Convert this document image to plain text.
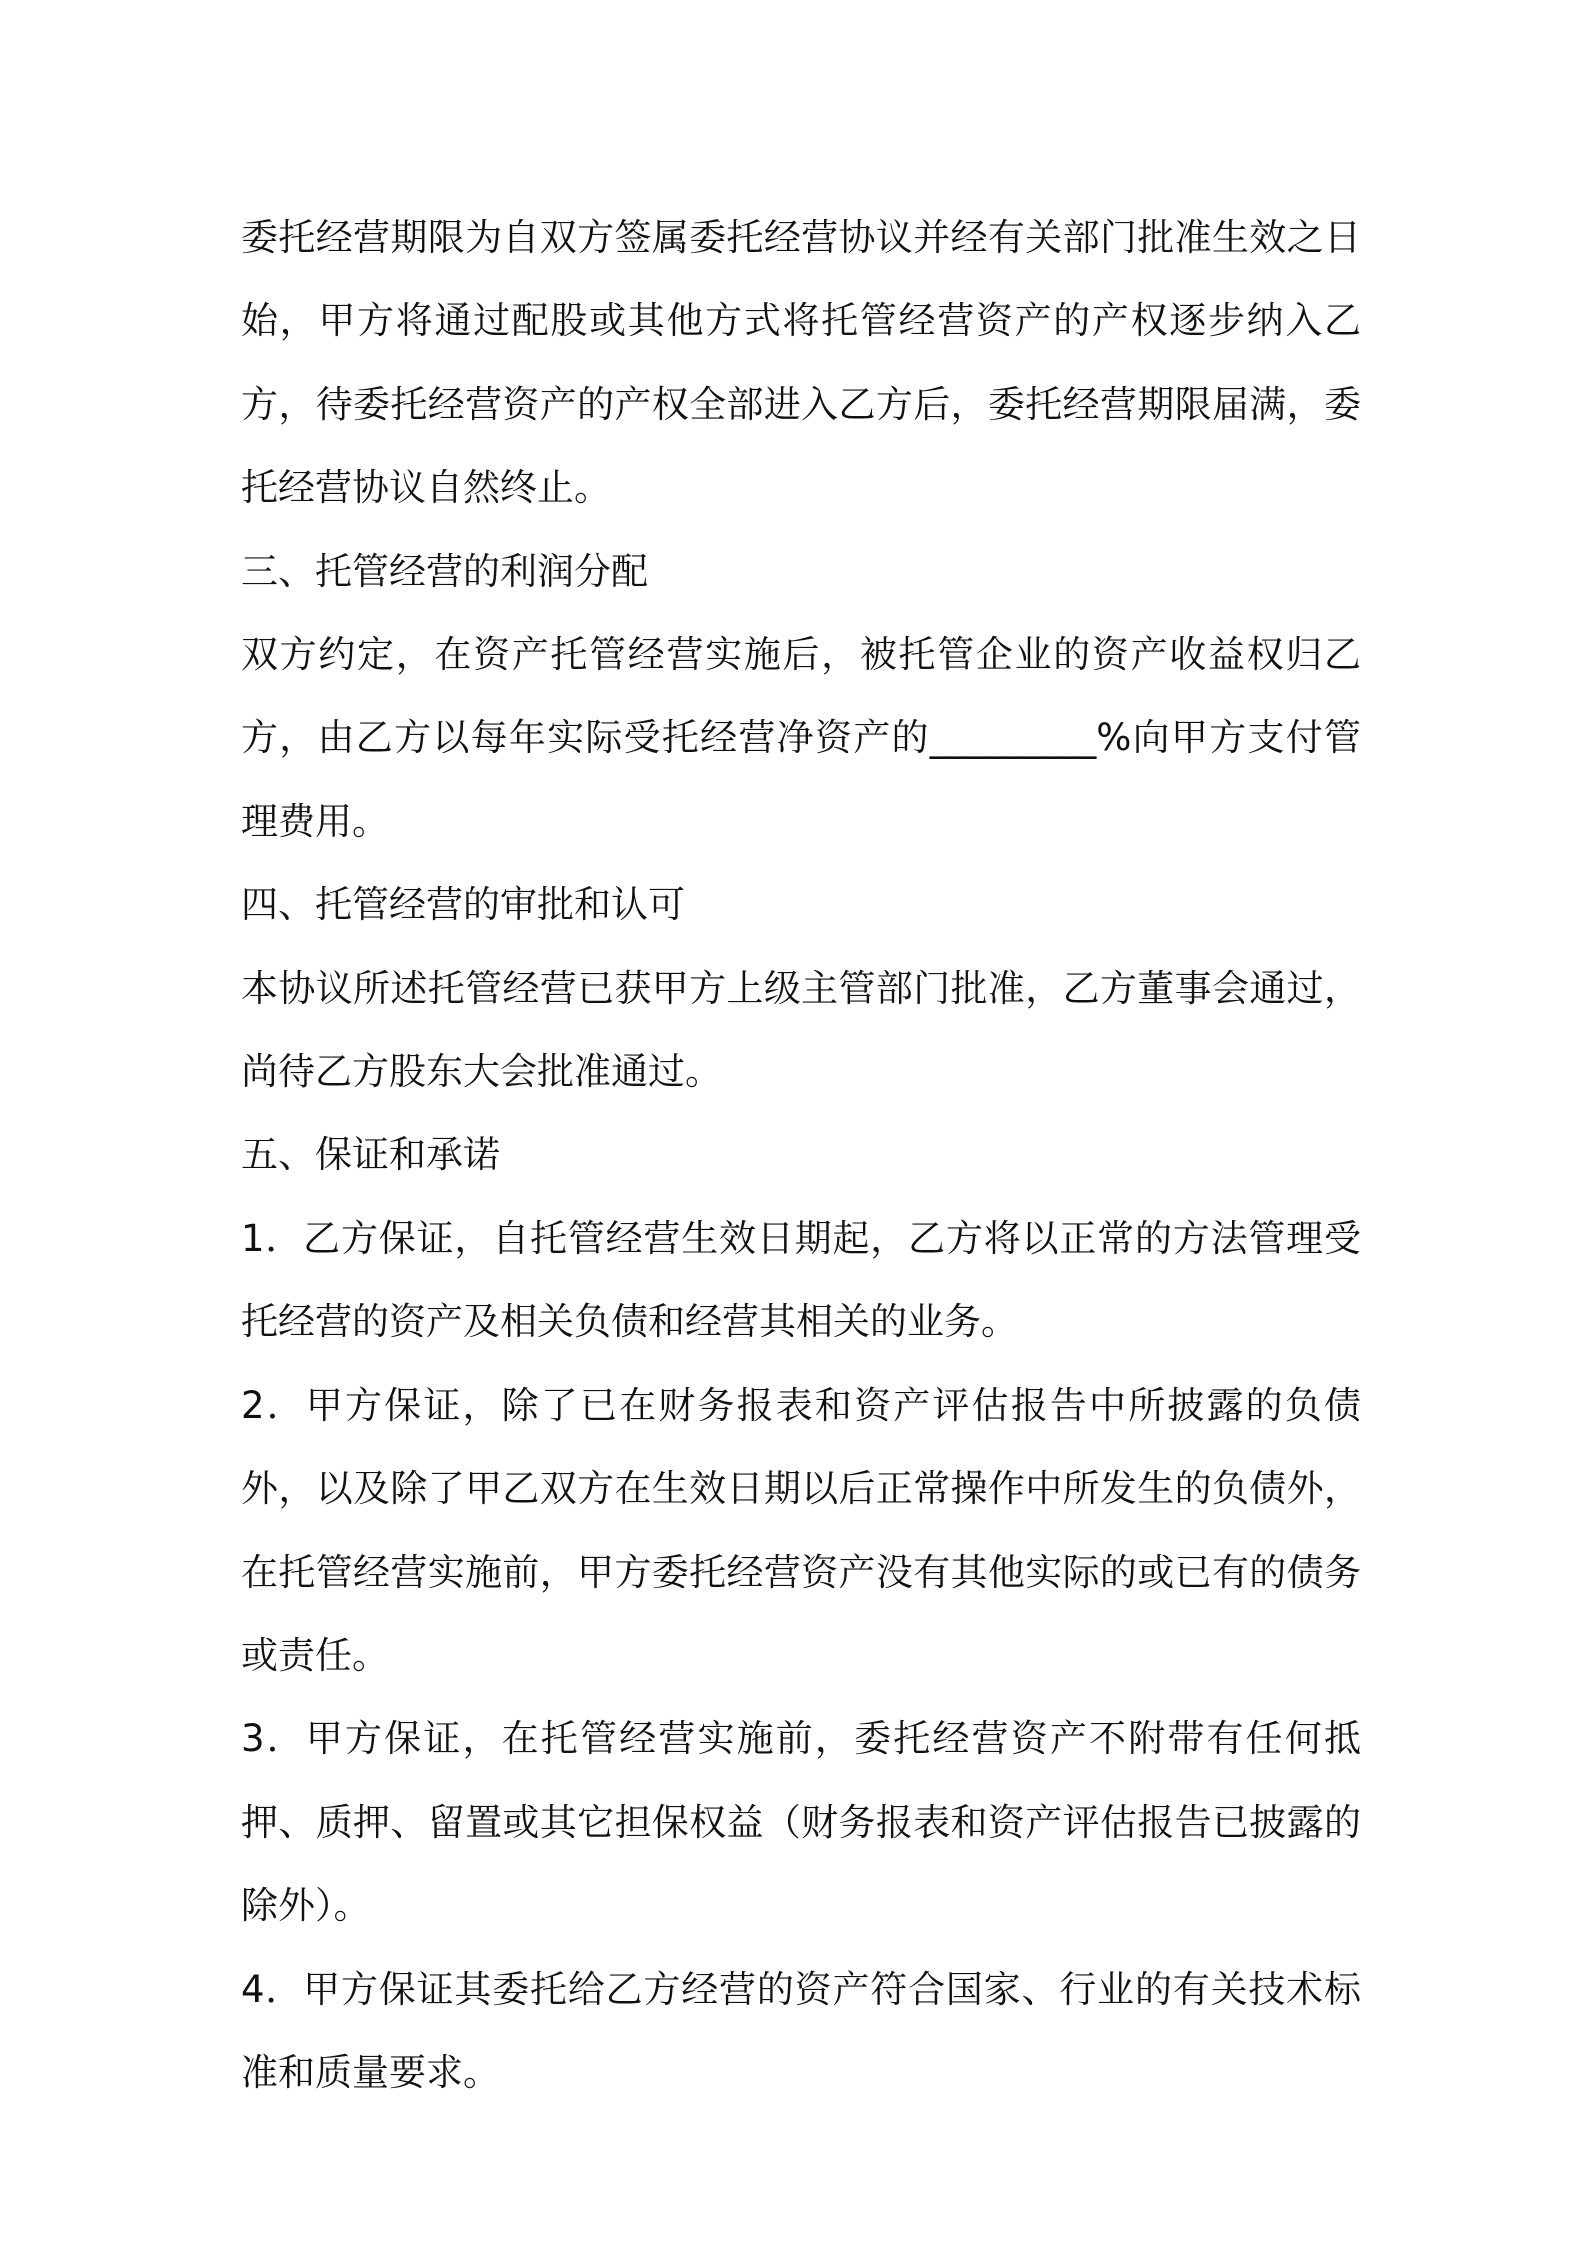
委托经营期限为自双方签属委托经营协议并经有关部门批准生效之日始，甲方将通过配股或其他方式将托管经营资产的产权逐步纳入乙方，待委托经营资产的产权全部进入乙方后，委托经营期限届满，委托经营协议自然终止。

三、托管经营的利润分配

双方约定，在资产托管经营实施后，被托管企业的资产收益权归乙方，由乙方以每年实际受托经营净资产的_________%向甲方支付管理费用。

四、托管经营的审批和认可

本协议所述托管经营已获甲方上级主管部门批准，乙方董事会通过，尚待乙方股东大会批准通过。

五、保证和承诺

1．乙方保证，自托管经营生效日期起，乙方将以正常的方法管理受托经营的资产及相关负债和经营其相关的业务。

2．甲方保证，除了已在财务报表和资产评估报告中所披露的负债外，以及除了甲乙双方在生效日期以后正常操作中所发生的负债外，在托管经营实施前，甲方委托经营资产没有其他实际的或已有的债务或责任。

3．甲方保证，在托管经营实施前，委托经营资产不附带有任何抵押、质押、留置或其它担保权益（财务报表和资产评估报告已披露的除外）。

4．甲方保证其委托给乙方经营的资产符合国家、行业的有关技术标准和质量要求。
